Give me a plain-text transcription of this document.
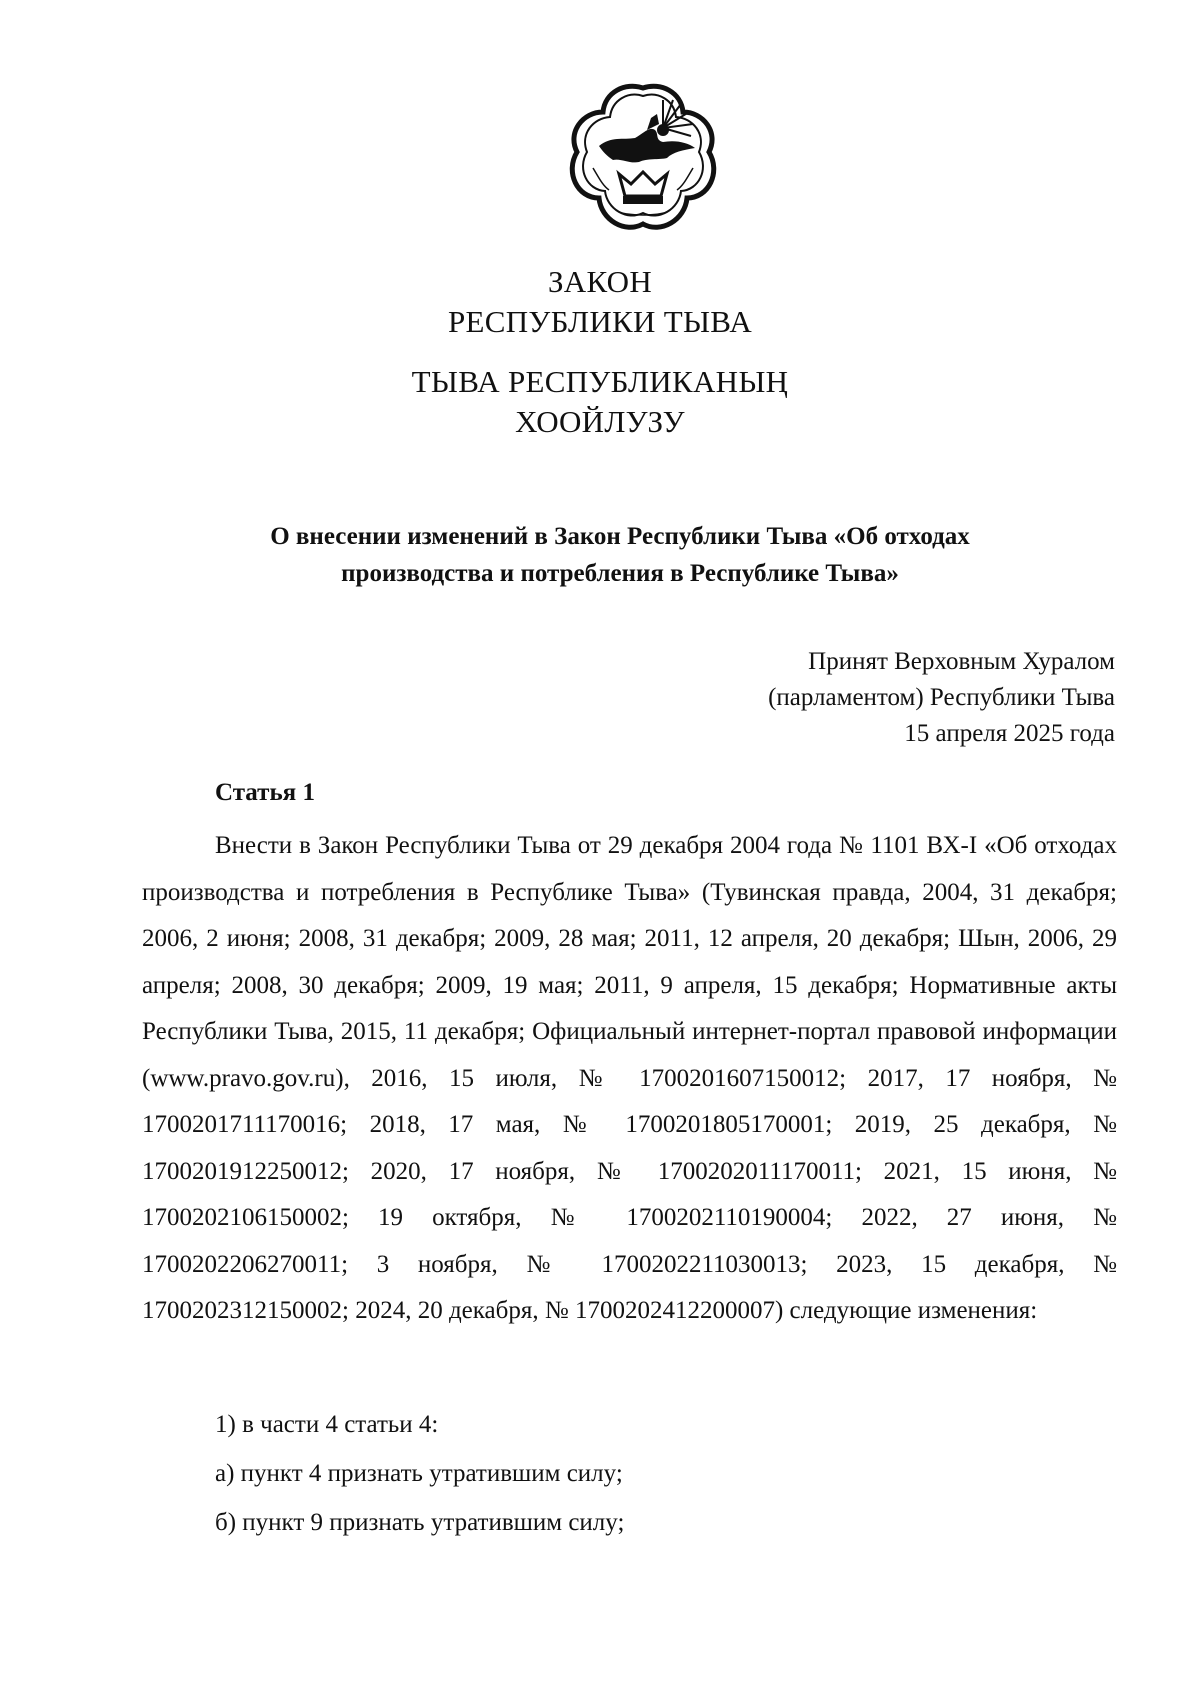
ЗАКОН
РЕСПУБЛИКИ ТЫВА
ТЫВА РЕСПУБЛИКАНЫҢ
ХООЙЛУЗУ
О внесении изменений в Закон Республики Тыва «Об отходах
производства и потребления в Республике Тыва»
Принят Верховным Хуралом
(парламентом) Республики Тыва
15 апреля 2025 года
Статья 1

Внести в Закон Республики Тыва от 29 декабря 2004 года № 1101 ВХ-I «Об отходах производства и потребления в Республике Тыва» (Тувинская правда, 2004, 31 декабря; 2006, 2 июня; 2008, 31 декабря; 2009, 28 мая; 2011, 12 апреля, 20 декабря; Шын, 2006, 29 апреля; 2008, 30 декабря; 2009, 19 мая; 2011, 9 апреля, 15 декабря; Нормативные акты Республики Тыва, 2015, 11 декабря; Официальный интернет-портал правовой информации (www.pravo.gov.ru), 2016, 15 июля, № 1700201607150012; 2017, 17 ноября, № 1700201711170016; 2018, 17 мая, № 1700201805170001; 2019, 25 декабря, № 1700201912250012; 2020, 17 ноября, № 1700202011170011; 2021, 15 июня, № 1700202106150002; 19 октября, № 1700202110190004; 2022, 27 июня, № 1700202206270011; 3 ноября, № 1700202211030013; 2023, 15 декабря, № 1700202312150002; 2024, 20 декабря, № 1700202412200007) следующие изменения:

1) в части 4 статьи 4:
а) пункт 4 признать утратившим силу;
б) пункт 9 признать утратившим силу;
